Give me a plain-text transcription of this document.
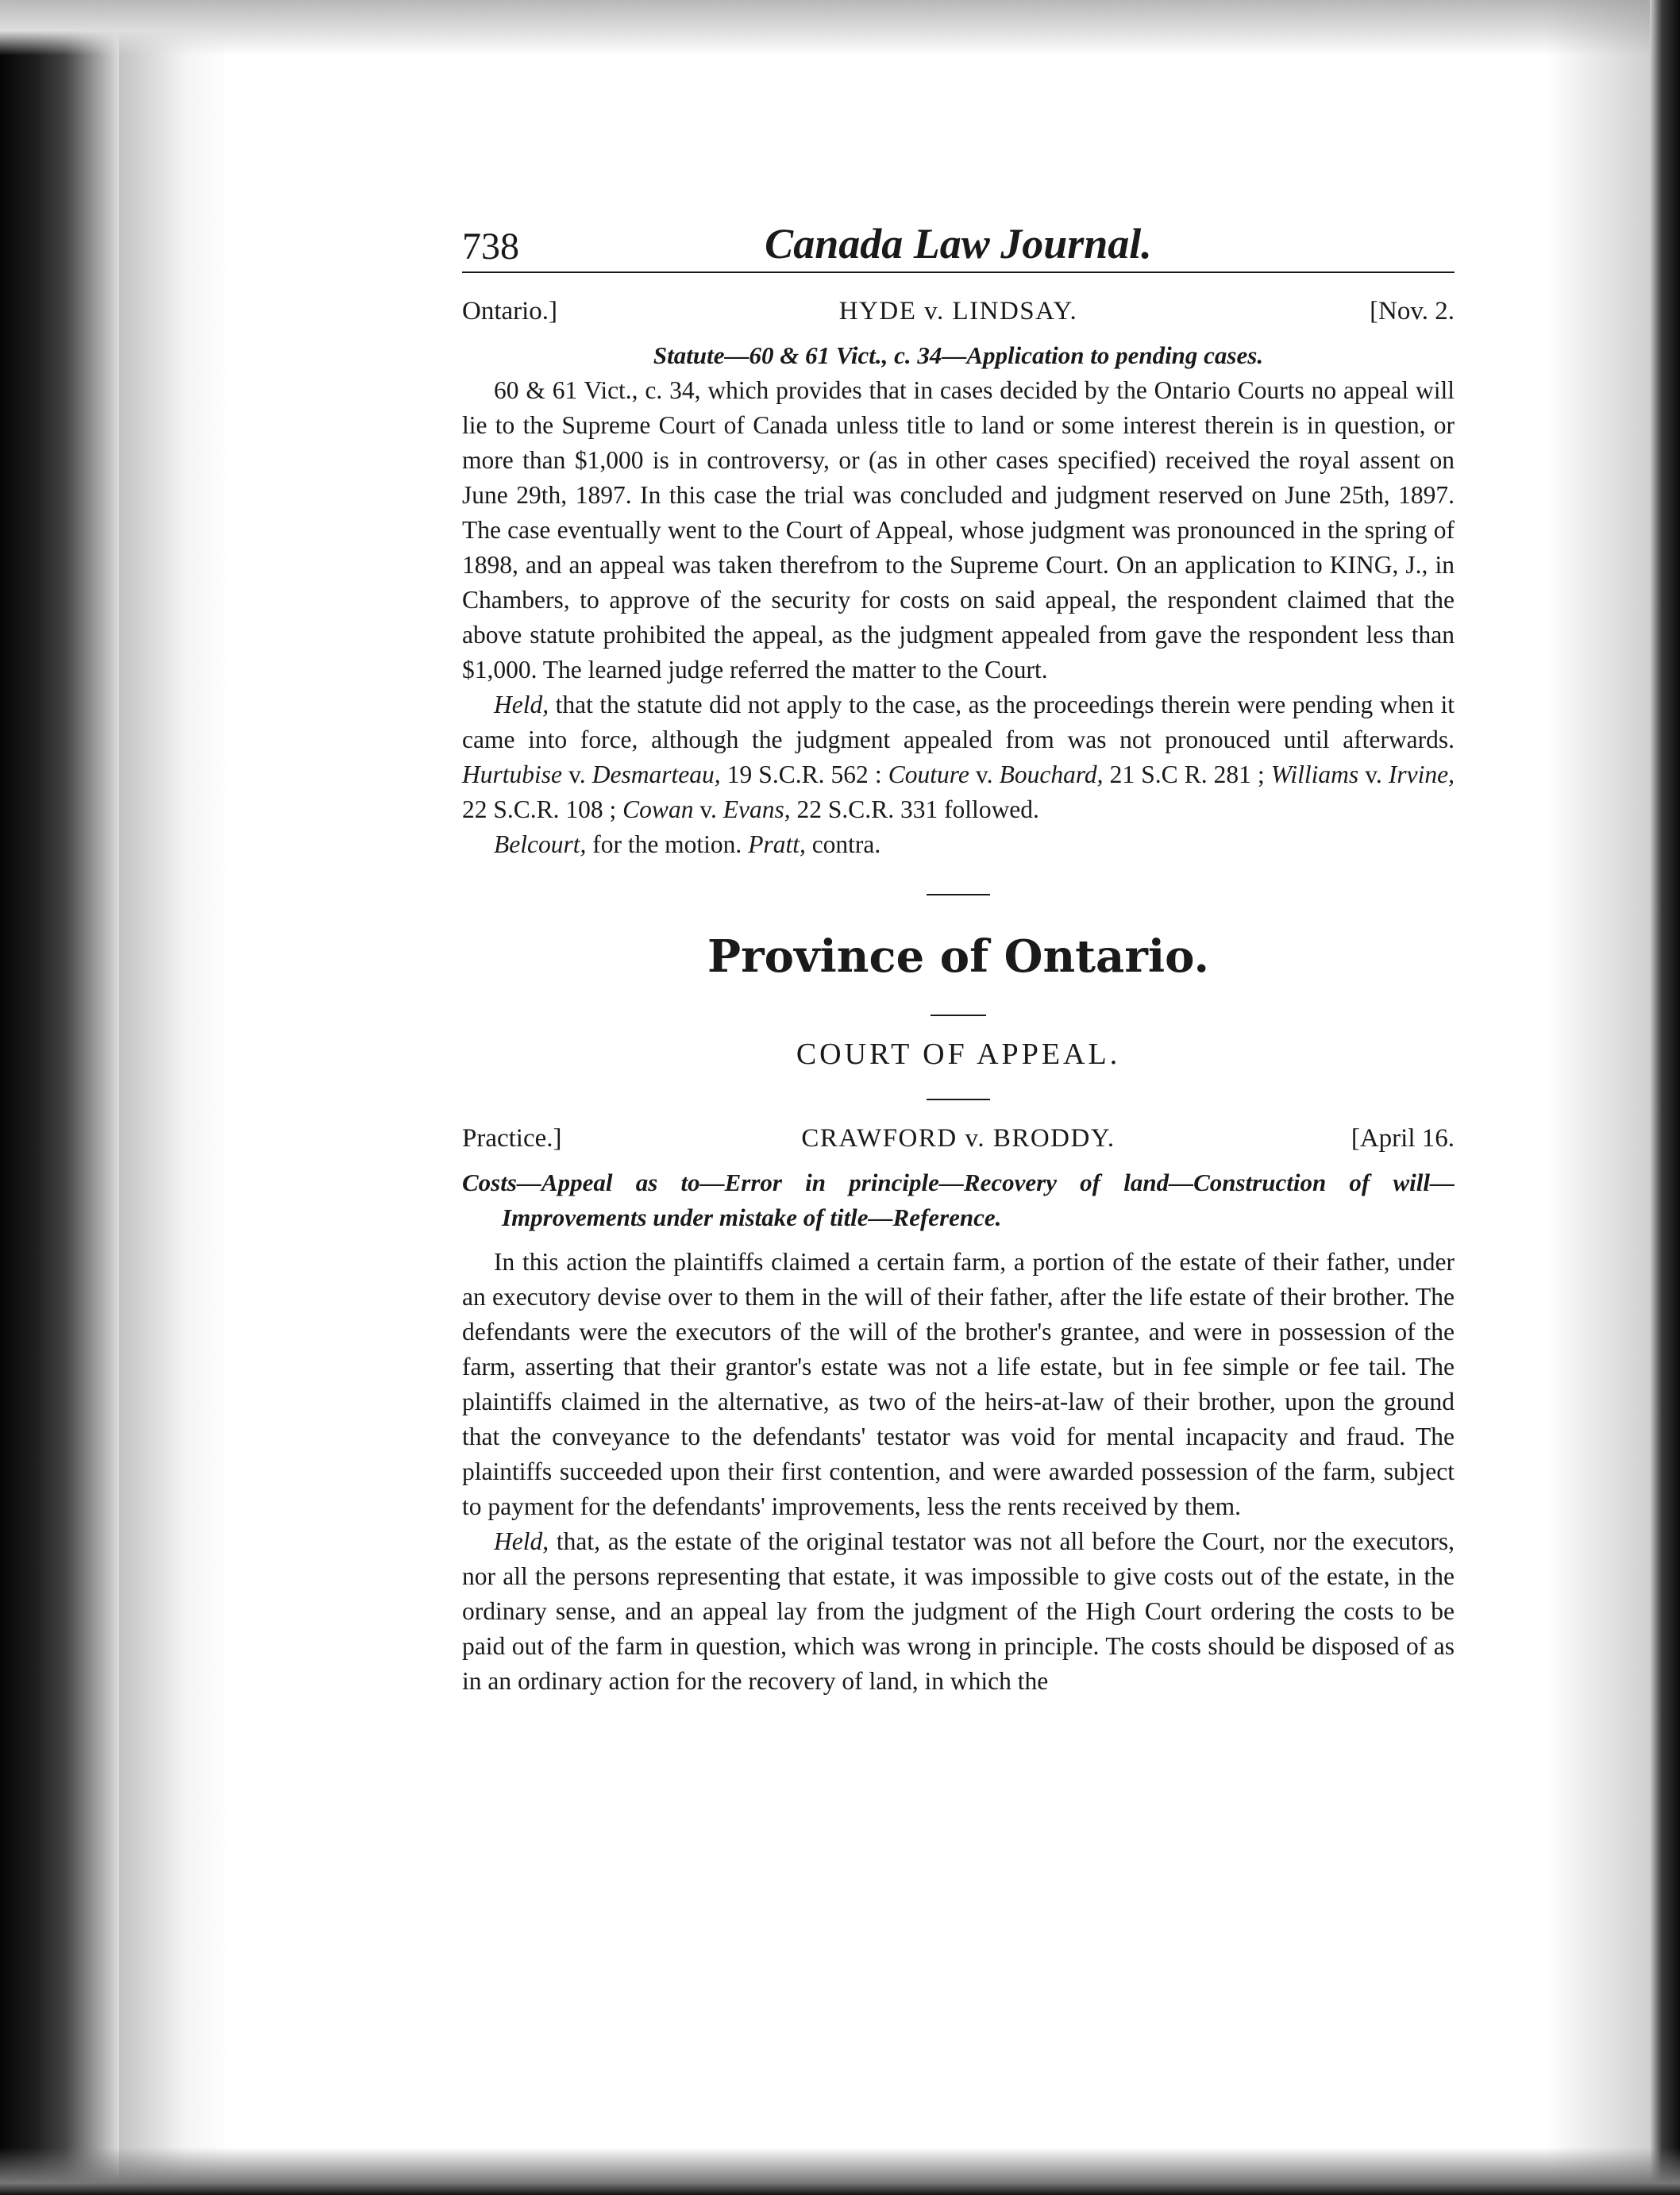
738	Canada Law Journal.
Ontario.]	HYDE v. LINDSAY.	[Nov. 2.
Statute—60 & 61 Vict., c. 34—Application to pending cases.

60 & 61 Vict., c. 34, which provides that in cases decided by the Ontario Courts no appeal will lie to the Supreme Court of Canada unless title to land or some interest therein is in question, or more than $1,000 is in controversy, or (as in other cases specified) received the royal assent on June 29th, 1897. In this case the trial was concluded and judgment reserved on June 25th, 1897. The case eventually went to the Court of Appeal, whose judgment was pronounced in the spring of 1898, and an appeal was taken therefrom to the Supreme Court. On an application to KING, J., in Chambers, to approve of the security for costs on said appeal, the respondent claimed that the above statute prohibited the appeal, as the judgment appealed from gave the respondent less than $1,000. The learned judge referred the matter to the Court.

Held, that the statute did not apply to the case, as the proceedings therein were pending when it came into force, although the judgment appealed from was not pronouced until afterwards. Hurtubise v. Desmarteau, 19 S.C.R. 562 : Couture v. Bouchard, 21 S.C R. 281 ; Williams v. Irvine, 22 S.C.R. 108 ; Cowan v. Evans, 22 S.C.R. 331 followed.

Belcourt, for the motion. Pratt, contra.

Province of Ontario.
COURT OF APPEAL.
Practice.]	CRAWFORD v. BRODDY.	[April 16.
Costs—Appeal as to—Error in principle—Recovery of land—Construction of will—Improvements under mistake of title—Reference.

In this action the plaintiffs claimed a certain farm, a portion of the estate of their father, under an executory devise over to them in the will of their father, after the life estate of their brother. The defendants were the executors of the will of the brother's grantee, and were in possession of the farm, asserting that their grantor's estate was not a life estate, but in fee simple or fee tail. The plaintiffs claimed in the alternative, as two of the heirs-at-law of their brother, upon the ground that the conveyance to the defendants' testator was void for mental incapacity and fraud. The plaintiffs succeeded upon their first contention, and were awarded possession of the farm, subject to payment for the defendants' improvements, less the rents received by them.

Held, that, as the estate of the original testator was not all before the Court, nor the executors, nor all the persons representing that estate, it was impossible to give costs out of the estate, in the ordinary sense, and an appeal lay from the judgment of the High Court ordering the costs to be paid out of the farm in question, which was wrong in principle. The costs should be disposed of as in an ordinary action for the recovery of land, in which the
